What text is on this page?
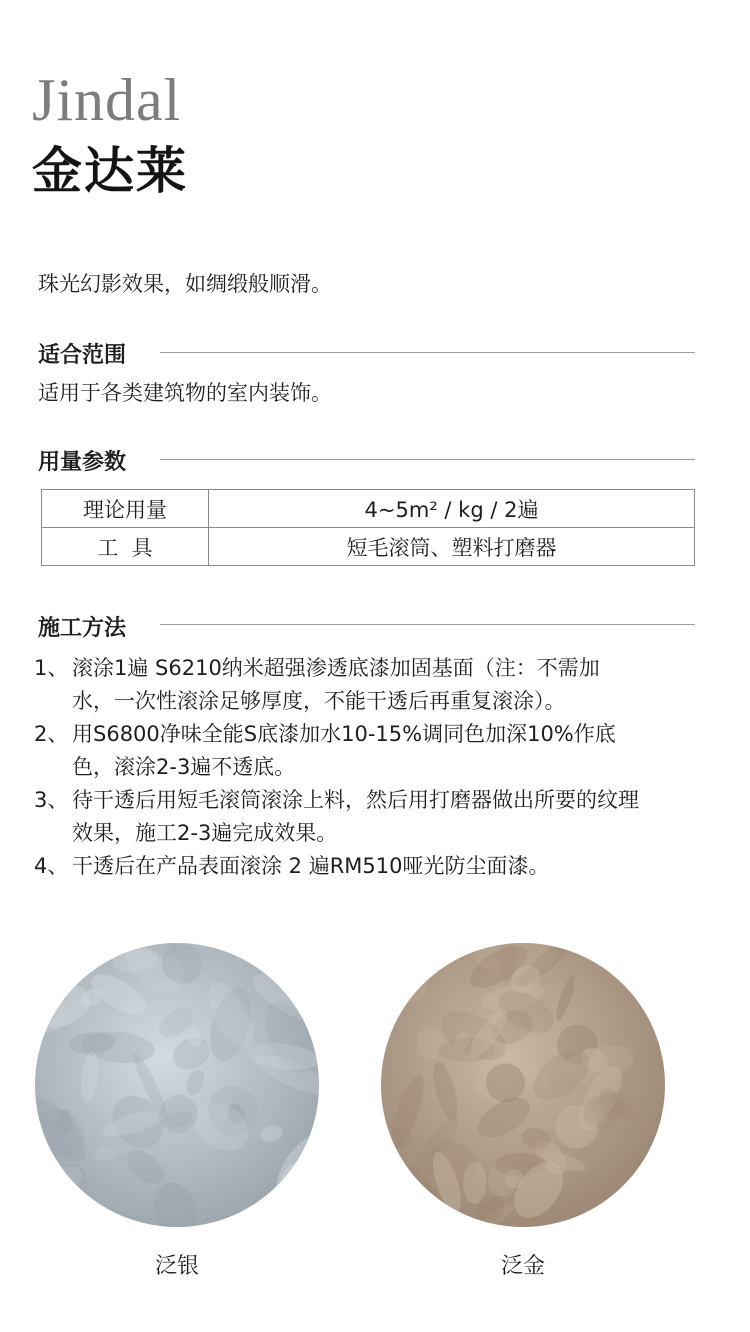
Jindal
金达莱
珠光幻影效果，如绸缎般顺滑。
适合范围
适用于各类建筑物的室内装饰。
用量参数
理论用量	4~5m² / kg / 2遍
工  具	短毛滚筒、塑料打磨器
施工方法
1、 滚涂1遍 S6210纳米超强渗透底漆加固基面（注：不需加
水，一次性滚涂足够厚度，不能干透后再重复滚涂）。
2、 用S6800净味全能S底漆加水10-15%调同色加深10%作底
色，滚涂2-3遍不透底。
3、 待干透后用短毛滚筒滚涂上料，然后用打磨器做出所要的纹理
效果，施工2-3遍完成效果。
4、 干透后在产品表面滚涂 2 遍RM510哑光防尘面漆。
泛银	泛金
